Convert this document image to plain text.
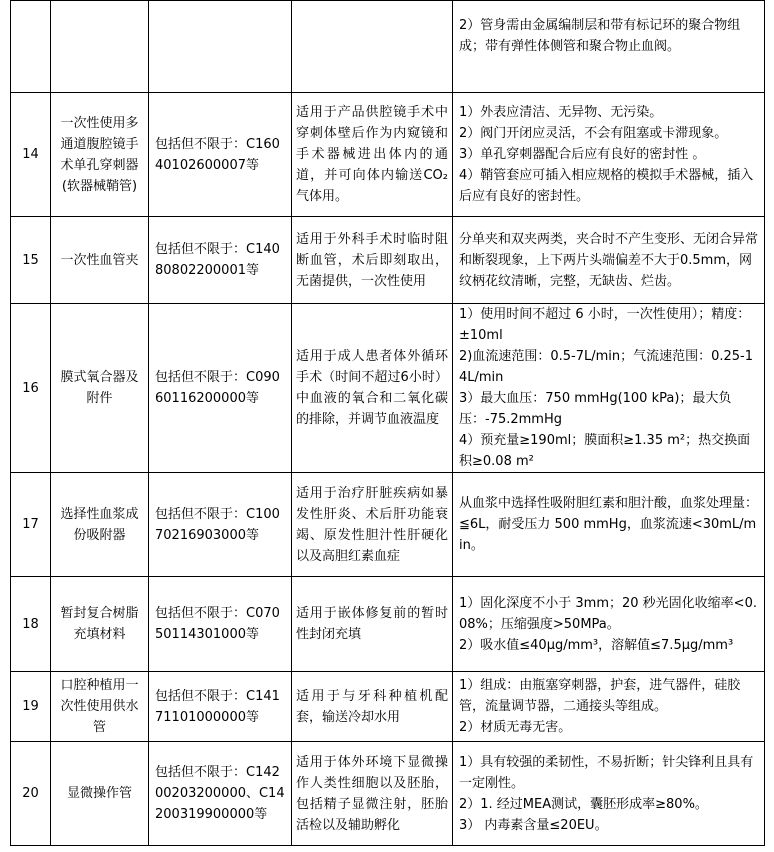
				2）管身需由金属编制层和带有标记环的聚合物组成；带有弹性体侧管和聚合物止血阀。

14	一次性使用多通道腹腔镜手术单孔穿刺器(软器械鞘管)	包括但不限于：C16040102600007等	适用于产品供腔镜手术中穿刺体壁后作为内窥镜和手术器械进出体内的通道，并可向体内输送CO₂气体用。	1）外表应清洁、无异物、无污染。
2）阀门开闭应灵活，不会有阻塞或卡滞现象。
3）单孔穿刺器配合后应有良好的密封性 。
4）鞘管套应可插入相应规格的模拟手术器械，插入后应有良好的密封性。

15	一次性血管夹	包括但不限于：C14080802200001等	适用于外科手术时临时阻断血管，术后即刻取出，无菌提供，一次性使用	分单夹和双夹两类，夹合时不产生变形、无闭合异常和断裂现象，上下两片头端偏差不大于0.5mm，网纹柄花纹清晰，完整，无缺齿、烂齿。

16	膜式氧合器及附件	包括但不限于：C09060116200000等	适用于成人患者体外循环手术（时间不超过6小时）中血液的氧合和二氧化碳的排除，并调节血液温度	1）使用时间不超过 6 小时，一次性使用）；精度：±10ml
2)血流速范围：0.5-7L/min；气流速范围：0.25-14L/min
3）最大血压：750 mmHg(100 kPa)；最大负压：-75.2mmHg
4）预充量≥190ml；膜面积≥1.35 m²；热交换面积≥0.08 m²

17	选择性血浆成份吸附器	包括但不限于：C10070216903000等	适用于治疗肝脏疾病如暴发性肝炎、术后肝功能衰竭、原发性胆汁性肝硬化以及高胆红素血症	从血浆中选择性吸附胆红素和胆汁酸，血浆处理量：≦6L，耐受压力 500 mmHg，血浆流速<30mL/min。

18	暂封复合树脂充填材料	包括但不限于：C07050114301000等	适用于嵌体修复前的暂时性封闭充填	1）固化深度不小于 3mm；20 秒光固化收缩率<0.08%；压缩强度>50MPa。
2）吸水值≤40μg/mm³，溶解值≤7.5μg/mm³

19	口腔种植用一次性使用供水管	包括但不限于：C14171101000000等	适用于与牙科种植机配套，输送冷却水用	1）组成：由瓶塞穿刺器，护套，进气器件，硅胶管，流量调节器，二通接头等组成。
2）材质无毒无害。

20	显微操作管	包括但不限于：C14200203200000、C14200319900000等	适用于体外环境下显微操作人类性细胞以及胚胎，包括精子显微注射，胚胎活检以及辅助孵化	1）具有较强的柔韧性，不易折断；针尖锋利且具有一定刚性。
2）1. 经过MEA测试，囊胚形成率≥80%。
3） 内毒素含量≤20EU。
